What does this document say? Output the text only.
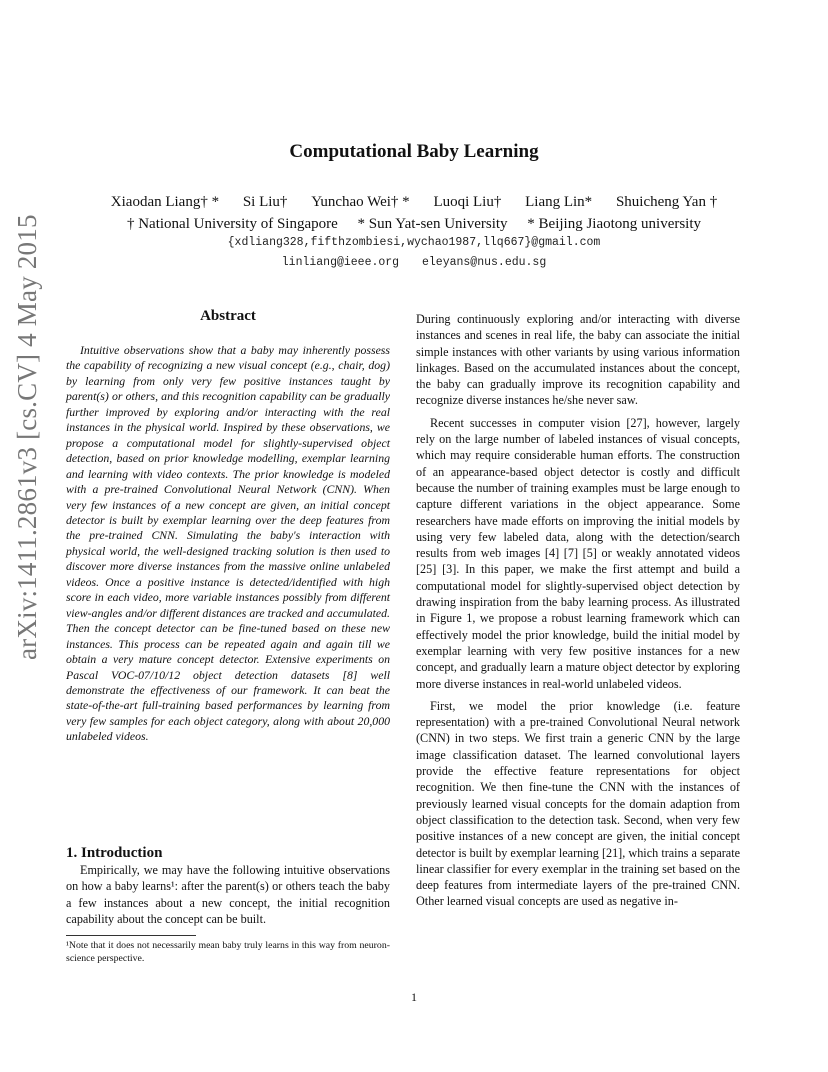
arXiv:1411.2861v3 [cs.CV] 4 May 2015
Computational Baby Learning
Xiaodan Liang† * Si Liu† Yunchao Wei† * Luoqi Liu† Liang Lin* Shuicheng Yan †
† National University of Singapore * Sun Yat-sen University * Beijing Jiaotong university
{xdliang328,fifthzombiesi,wychao1987,llq667}@gmail.com
linliang@ieee.org eleyans@nus.edu.sg
Abstract

Intuitive observations show that a baby may inherently possess the capability of recognizing a new visual concept (e.g., chair, dog) by learning from only very few positive instances taught by parent(s) or others, and this recognition capability can be gradually further improved by exploring and/or interacting with the real instances in the physical world. Inspired by these observations, we propose a computational model for slightly-supervised object detection, based on prior knowledge modelling, exemplar learning and learning with video contexts. The prior knowledge is modeled with a pre-trained Convolutional Neural Network (CNN). When very few instances of a new concept are given, an initial concept detector is built by exemplar learning over the deep features from the pre-trained CNN. Simulating the baby's interaction with physical world, the well-designed tracking solution is then used to discover more diverse instances from the massive online unlabeled videos. Once a positive instance is detected/identified with high score in each video, more variable instances possibly from different view-angles and/or different distances are tracked and accumulated. Then the concept detector can be fine-tuned based on these new instances. This process can be repeated again and again till we obtain a very mature concept detector. Extensive experiments on Pascal VOC-07/10/12 object detection datasets [8] well demonstrate the effectiveness of our framework. It can beat the state-of-the-art full-training based performances by learning from very few samples for each object category, along with about 20,000 unlabeled videos.

1. Introduction

Empirically, we may have the following intuitive observations on how a baby learns¹: after the parent(s) or others teach the baby a few instances about a new concept, the initial recognition capability about the concept can be built.

¹Note that it does not necessarily mean baby truly learns in this way from neuron-science perspective.

During continuously exploring and/or interacting with diverse instances and scenes in real life, the baby can associate the initial simple instances with other variants by using various information linkages. Based on the accumulated instances about the concept, the baby can gradually improve its recognition capability and recognize diverse instances he/she never saw.

Recent successes in computer vision [27], however, largely rely on the large number of labeled instances of visual concepts, which may require considerable human efforts. The construction of an appearance-based object detector is costly and difficult because the number of training examples must be large enough to capture different variations in the object appearance. Some researchers have made efforts on improving the initial models by using very few labeled data, along with the detection/search results from web images [4] [7] [5] or weakly annotated videos [25] [3]. In this paper, we make the first attempt and build a computational model for slightly-supervised object detection by drawing inspiration from the baby learning process. As illustrated in Figure 1, we propose a robust learning framework which can effectively model the prior knowledge, build the initial model by exemplar learning with very few positive instances for a new concept, and gradually learn a mature object detector by exploring more diverse instances in real-world unlabeled videos.

First, we model the prior knowledge (i.e. feature representation) with a pre-trained Convolutional Neural network (CNN) in two steps. We first train a generic CNN by the large image classification dataset. The learned convolutional layers provide the effective feature representations for object recognition. We then fine-tune the CNN with the instances of previously learned visual concepts for the domain adaption from object classification to the detection task. Second, when very few positive instances of a new concept are given, the initial concept detector is built by exemplar learning [21], which trains a separate linear classifier for every exemplar in the training set based on the deep features from intermediate layers of the pre-trained CNN. Other learned visual concepts are used as negative in-

1
